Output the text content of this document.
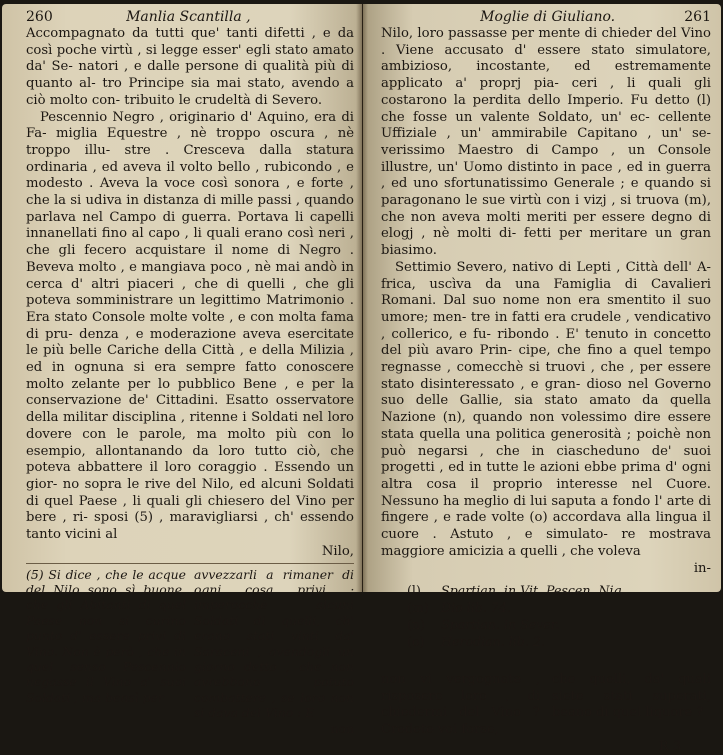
260	Manlia Scantilla ,

Accompagnato da tutti que' tanti difetti , e da così poche virtù , si legge esser' egli stato amato da' Se- natori , e dalle persone di qualità più di quanto al- tro Principe sia mai stato, avendo a ciò molto con- tribuito le crudeltà di Severo.

Pescennio Negro , originario d' Aquino, era di Fa- miglia Equestre , nè troppo oscura , nè troppo illu- stre . Cresceva dalla statura ordinaria , ed aveva il volto bello , rubicondo , e modesto . Aveva la voce così sonora , e forte , che la si udiva in distanza di mille passi , quando parlava nel Campo di guerra. Portava li capelli innanellati fino al capo , li quali erano così neri , che gli fecero acquistare il nome di Negro . Beveva molto , e mangiava poco , nè mai andò in cerca d' altri piaceri , che di quelli , che gli poteva somministrare un legittimo Matrimonio . Era stato Console molte volte , e con molta fama di pru- denza , e moderazione aveva esercitate le più belle Cariche della Città , e della Milizia , ed in ognuna si era sempre fatto conoscere molto zelante per lo pubblico Bene , e per la conservazione de' Cittadini. Esatto osservatore della militar disciplina , ritenne i Soldati nel loro dovere con le parole, ma molto più con lo esempio, allontanando da loro tutto ciò, che poteva abbattere il loro coraggio . Essendo un gior- no sopra le rive del Nilo, ed alcuni Soldati di quel Paese , li quali gli chiesero del Vino per bere , ri- sposi (5) , maravigliarsi , ch' essendo tanto vicini al

Nilo,
(5) Si dice , che le acque del Nilo sono sì buone, che gli Abitanti di quel Paese non si curino punto d' essere privi di Vino. Non è però , che in quel senso Pescennio negasse il Vino a' suoi Soldati , ma bensì per
avvezzarli a rimaner di ogni cosa privi ; imperocchè alcuni Soldati di quelli, ch' erano stati vinti da' Saraceni , avendogli un giorno detto , che non avrebbono potuto combattere , se loro non si dava del Vino : E
non
Moglie di Giuliano.	261

Nilo, loro passasse per mente di chieder del Vino . Viene accusato d' essere stato simulatore, ambizioso, incostante, ed estremamente applicato a' proprj pia- ceri , li quali gli costarono la perdita dello Imperio. Fu detto (l) che fosse un valente Soldato, un' ec- cellente Uffiziale , un' ammirabile Capitano , un' se- verissimo Maestro di Campo , un Console illustre, un' Uomo distinto in pace , ed in guerra , ed uno sfortunatissimo Generale ; e quando si paragonano le sue virtù con i vizj , si truova (m), che non aveva molti meriti per essere degno di elogj , nè molti di- fetti per meritare un gran biasimo.

Settimio Severo, nativo di Lepti , Città dell' A- frica, uscìva da una Famiglia di Cavalieri Romani. Dal suo nome non era smentito il suo umore; men- tre in fatti era crudele , vendicativo , collerico, e fu- ribondo . E' tenuto in concetto del più avaro Prin- cipe, che fino a quel tempo regnasse , comecchè si truovi , che , per essere stato disinteressato , e gran- dioso nel Governo suo delle Gallie, sia stato amato da quella Nazione (n), quando non volessimo dire essere stata quella una politica generosità ; poichè non può negarsi , che in ciascheduno de' suoi progetti , ed in tutte le azioni ebbe prima d' ogni altra cosa il proprio interesse nel Cuore. Nessuno ha meglio di lui saputa a fondo l' arte di fingere , e rade volte (o) accordava alla lingua il cuore . Astuto , e simulato- re mostrava maggiore amicizia a quelli , che voleva

in-
(l) Spartian. in Vit. Pescen. Nig.
(m) Dio lib. 74.
(n) Spartian. in Sever.
(o) Herodian. lib. 2.

non vi vergognate , risposero loro , di chiedermi del Vino ? Credete voi forse,

che quelli, da' quali siete stati superati, beano di quel liquore ?

R 3
